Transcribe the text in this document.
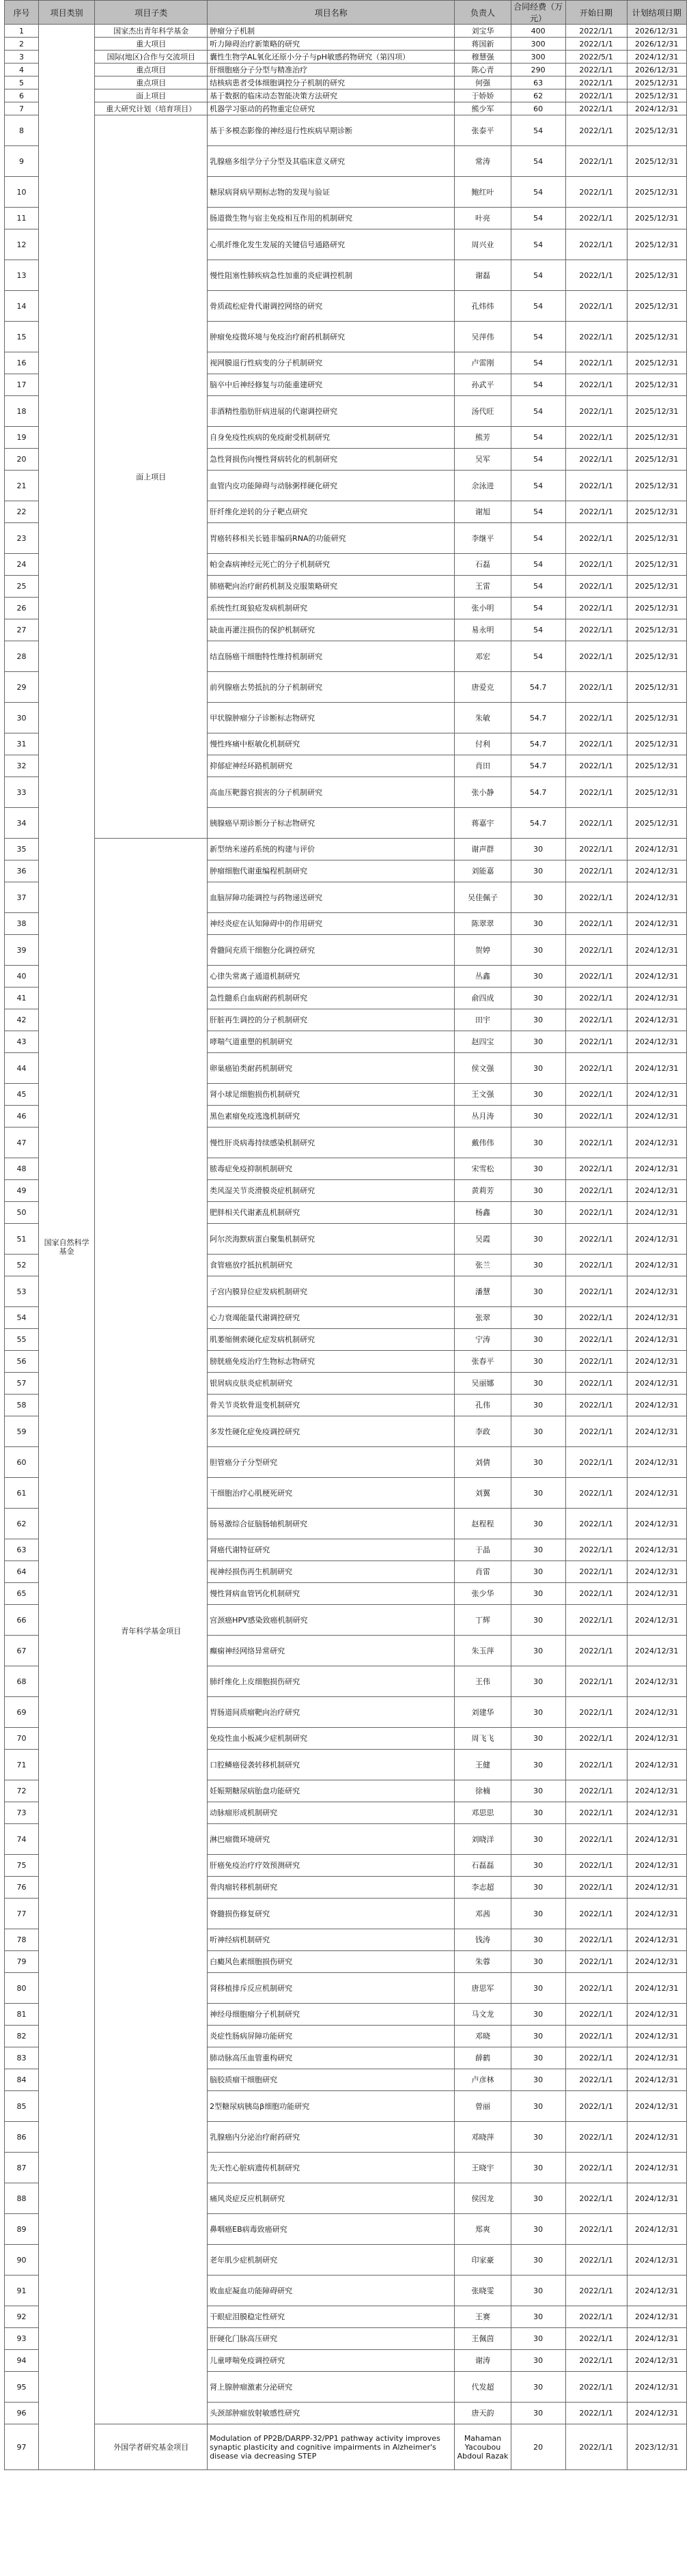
序号	项目类别	项目子类	项目名称	负责人	合同经费（万元）	开始日期	计划结项日期
1	国家自然科学基金	国家杰出青年科学基金	肿瘤分子机制	刘宝华	400	2022/1/1	2026/12/31
2		重大项目	听力障碍治疗新策略的研究	蒋国新	300	2022/1/1	2026/12/31
3		国际(地区)合作与交流项目	囊性生物学AL氧化还原小分子与pH敏感药物研究（第四项）	穆慧强	300	2022/5/1	2024/12/31
4		重点项目	肝细胞癌分子分型与精准治疗	陈心青	290	2022/1/1	2026/12/31
5		重点项目	结核病患者受体细胞调控分子机制的研究	何强	63	2022/1/1	2025/12/31
6		面上项目	基于数据的临床动态智能决策方法研究	于娇娇	62	2022/1/1	2025/12/31
7		重大研究计划（培育项目）	机器学习驱动的药物重定位研究	熊少军	60	2022/1/1	2024/12/31
8		面上项目	基于多模态影像的神经退行性疾病早期诊断	张泰平	54	2022/1/1	2025/12/31
9			乳腺癌多组学分子分型及其临床意义研究	常涛	54	2022/1/1	2025/12/31
10			糖尿病肾病早期标志物的发现与验证	鲍红叶	54	2022/1/1	2025/12/31
11			肠道微生物与宿主免疫相互作用的机制研究	叶亮	54	2022/1/1	2025/12/31
12			心肌纤维化发生发展的关键信号通路研究	周兴业	54	2022/1/1	2025/12/31
13			慢性阻塞性肺疾病急性加重的炎症调控机制	谢磊	54	2022/1/1	2025/12/31
14			骨质疏松症骨代谢调控网络的研究	孔炜炜	54	2022/1/1	2025/12/31
15			肿瘤免疫微环境与免疫治疗耐药机制研究	吴萍伟	54	2022/1/1	2025/12/31
16			视网膜退行性病变的分子机制研究	卢雷刚	54	2022/1/1	2025/12/31
17			脑卒中后神经修复与功能重建研究	孙武平	54	2022/1/1	2025/12/31
18			非酒精性脂肪肝病进展的代谢调控研究	汤代旺	54	2022/1/1	2025/12/31
19			自身免疫性疾病的免疫耐受机制研究	熊芳	54	2022/1/1	2025/12/31
20			急性肾损伤向慢性肾病转化的机制研究	吴军	54	2022/1/1	2025/12/31
21			血管内皮功能障碍与动脉粥样硬化研究	余泳进	54	2022/1/1	2025/12/31
22			肝纤维化逆转的分子靶点研究	谢旭	54	2022/1/1	2025/12/31
23			胃癌转移相关长链非编码RNA的功能研究	李继平	54	2022/1/1	2025/12/31
24			帕金森病神经元死亡的分子机制研究	石磊	54	2022/1/1	2025/12/31
25			肺癌靶向治疗耐药机制及克服策略研究	王雷	54	2022/1/1	2025/12/31
26			系统性红斑狼疮发病机制研究	张小明	54	2022/1/1	2025/12/31
27			缺血再灌注损伤的保护机制研究	易永明	54	2022/1/1	2025/12/31
28			结直肠癌干细胞特性维持机制研究	邓宏	54	2022/1/1	2025/12/31
29			前列腺癌去势抵抗的分子机制研究	唐爱克	54.7	2022/1/1	2025/12/31
30			甲状腺肿瘤分子诊断标志物研究	朱敏	54.7	2022/1/1	2025/12/31
31			慢性疼痛中枢敏化机制研究	付利	54.7	2022/1/1	2025/12/31
32			抑郁症神经环路机制研究	肖田	54.7	2022/1/1	2025/12/31
33			高血压靶器官损害的分子机制研究	张小静	54.7	2022/1/1	2025/12/31
34			胰腺癌早期诊断分子标志物研究	蒋嘉宇	54.7	2022/1/1	2025/12/31
35		青年科学基金项目	新型纳米递药系统的构建与评价	谢声群	30	2022/1/1	2024/12/31
36			肿瘤细胞代谢重编程机制研究	刘能嘉	30	2022/1/1	2024/12/31
37			血脑屏障功能调控与药物递送研究	吴佳佩子	30	2022/1/1	2024/12/31
38			神经炎症在认知障碍中的作用研究	陈翠翠	30	2022/1/1	2024/12/31
39			骨髓间充质干细胞分化调控研究	贺婷	30	2022/1/1	2024/12/31
40			心律失常离子通道机制研究	丛鑫	30	2022/1/1	2024/12/31
41			急性髓系白血病耐药机制研究	俞四成	30	2022/1/1	2024/12/31
42			肝脏再生调控的分子机制研究	田宇	30	2022/1/1	2024/12/31
43			哮喘气道重塑的机制研究	赵四宝	30	2022/1/1	2024/12/31
44			卵巢癌铂类耐药机制研究	侯文强	30	2022/1/1	2024/12/31
45			肾小球足细胞损伤机制研究	王文强	30	2022/1/1	2024/12/31
46			黑色素瘤免疫逃逸机制研究	丛月涛	30	2022/1/1	2024/12/31
47			慢性肝炎病毒持续感染机制研究	戴伟伟	30	2022/1/1	2024/12/31
48			脓毒症免疫抑制机制研究	宋雪松	30	2022/1/1	2024/12/31
49			类风湿关节炎滑膜炎症机制研究	黄莉芳	30	2022/1/1	2024/12/31
50			肥胖相关代谢紊乱机制研究	杨鑫	30	2022/1/1	2024/12/31
51			阿尔茨海默病蛋白聚集机制研究	吴霞	30	2022/1/1	2024/12/31
52			食管癌放疗抵抗机制研究	张兰	30	2022/1/1	2024/12/31
53			子宫内膜异位症发病机制研究	潘慧	30	2022/1/1	2024/12/31
54			心力衰竭能量代谢调控研究	张翠	30	2022/1/1	2024/12/31
55			肌萎缩侧索硬化症发病机制研究	宁涛	30	2022/1/1	2024/12/31
56			膀胱癌免疫治疗生物标志物研究	张春平	30	2022/1/1	2024/12/31
57			银屑病皮肤炎症机制研究	吴丽娜	30	2022/1/1	2024/12/31
58			骨关节炎软骨退变机制研究	孔伟	30	2022/1/1	2024/12/31
59			多发性硬化症免疫调控研究	李政	30	2022/1/1	2024/12/31
60			胆管癌分子分型研究	刘倩	30	2022/1/1	2024/12/31
61			干细胞治疗心肌梗死研究	刘翼	30	2022/1/1	2024/12/31
62			肠易激综合征脑肠轴机制研究	赵程程	30	2022/1/1	2024/12/31
63			肾癌代谢特征研究	于晶	30	2022/1/1	2024/12/31
64			视神经损伤再生机制研究	肖雷	30	2022/1/1	2024/12/31
65			慢性肾病血管钙化机制研究	张少华	30	2022/1/1	2024/12/31
66			宫颈癌HPV感染致癌机制研究	丁辉	30	2022/1/1	2024/12/31
67			癫痫神经网络异常研究	朱玉萍	30	2022/1/1	2024/12/31
68			肺纤维化上皮细胞损伤研究	王伟	30	2022/1/1	2024/12/31
69			胃肠道间质瘤靶向治疗研究	刘建华	30	2022/1/1	2024/12/31
70			免疫性血小板减少症机制研究	周飞飞	30	2022/1/1	2024/12/31
71			口腔鳞癌侵袭转移机制研究	王健	30	2022/1/1	2024/12/31
72			妊娠期糖尿病胎盘功能研究	徐楠	30	2022/1/1	2024/12/31
73			动脉瘤形成机制研究	邓思思	30	2022/1/1	2024/12/31
74			淋巴瘤微环境研究	刘晓洋	30	2022/1/1	2024/12/31
75			肝癌免疫治疗疗效预测研究	石磊磊	30	2022/1/1	2024/12/31
76			骨肉瘤转移机制研究	李志超	30	2022/1/1	2024/12/31
77			脊髓损伤修复研究	邓茜	30	2022/1/1	2024/12/31
78			听神经病机制研究	钱涛	30	2022/1/1	2024/12/31
79			白癜风色素细胞损伤研究	朱蓉	30	2022/1/1	2024/12/31
80			肾移植排斥反应机制研究	唐思军	30	2022/1/1	2024/12/31
81			神经母细胞瘤分子机制研究	马文龙	30	2022/1/1	2024/12/31
82			炎症性肠病屏障功能研究	邓晓	30	2022/1/1	2024/12/31
83			肺动脉高压血管重构研究	薛鹤	30	2022/1/1	2024/12/31
84			脑胶质瘤干细胞研究	卢彦林	30	2022/1/1	2024/12/31
85			2型糖尿病胰岛β细胞功能研究	曾丽	30	2022/1/1	2024/12/31
86			乳腺癌内分泌治疗耐药研究	邓晓萍	30	2022/1/1	2024/12/31
87			先天性心脏病遗传机制研究	王晓宇	30	2022/1/1	2024/12/31
88			痛风炎症反应机制研究	侯因龙	30	2022/1/1	2024/12/31
89			鼻咽癌EB病毒致癌研究	郑爽	30	2022/1/1	2024/12/31
90			老年肌少症机制研究	印家豪	30	2022/1/1	2024/12/31
91			败血症凝血功能障碍研究	张晓雯	30	2022/1/1	2024/12/31
92			干眼症泪膜稳定性研究	王赛	30	2022/1/1	2024/12/31
93			肝硬化门脉高压研究	王佩茵	30	2022/1/1	2024/12/31
94			儿童哮喘免疫调控研究	谢涛	30	2022/1/1	2024/12/31
95			肾上腺肿瘤激素分泌研究	代发超	30	2022/1/1	2024/12/31
96			头颈部肿瘤放射敏感性研究	唐天韵	30	2022/1/1	2024/12/31
97		外国学者研究基金项目	Modulation of PP2B/DARPP-32/PP1 pathway activity improves synaptic plasticity and cognitive impairments in Alzheimer's disease via decreasing STEP	Mahaman Yacoubou Abdoul Razak	20	2022/1/1	2023/12/31
